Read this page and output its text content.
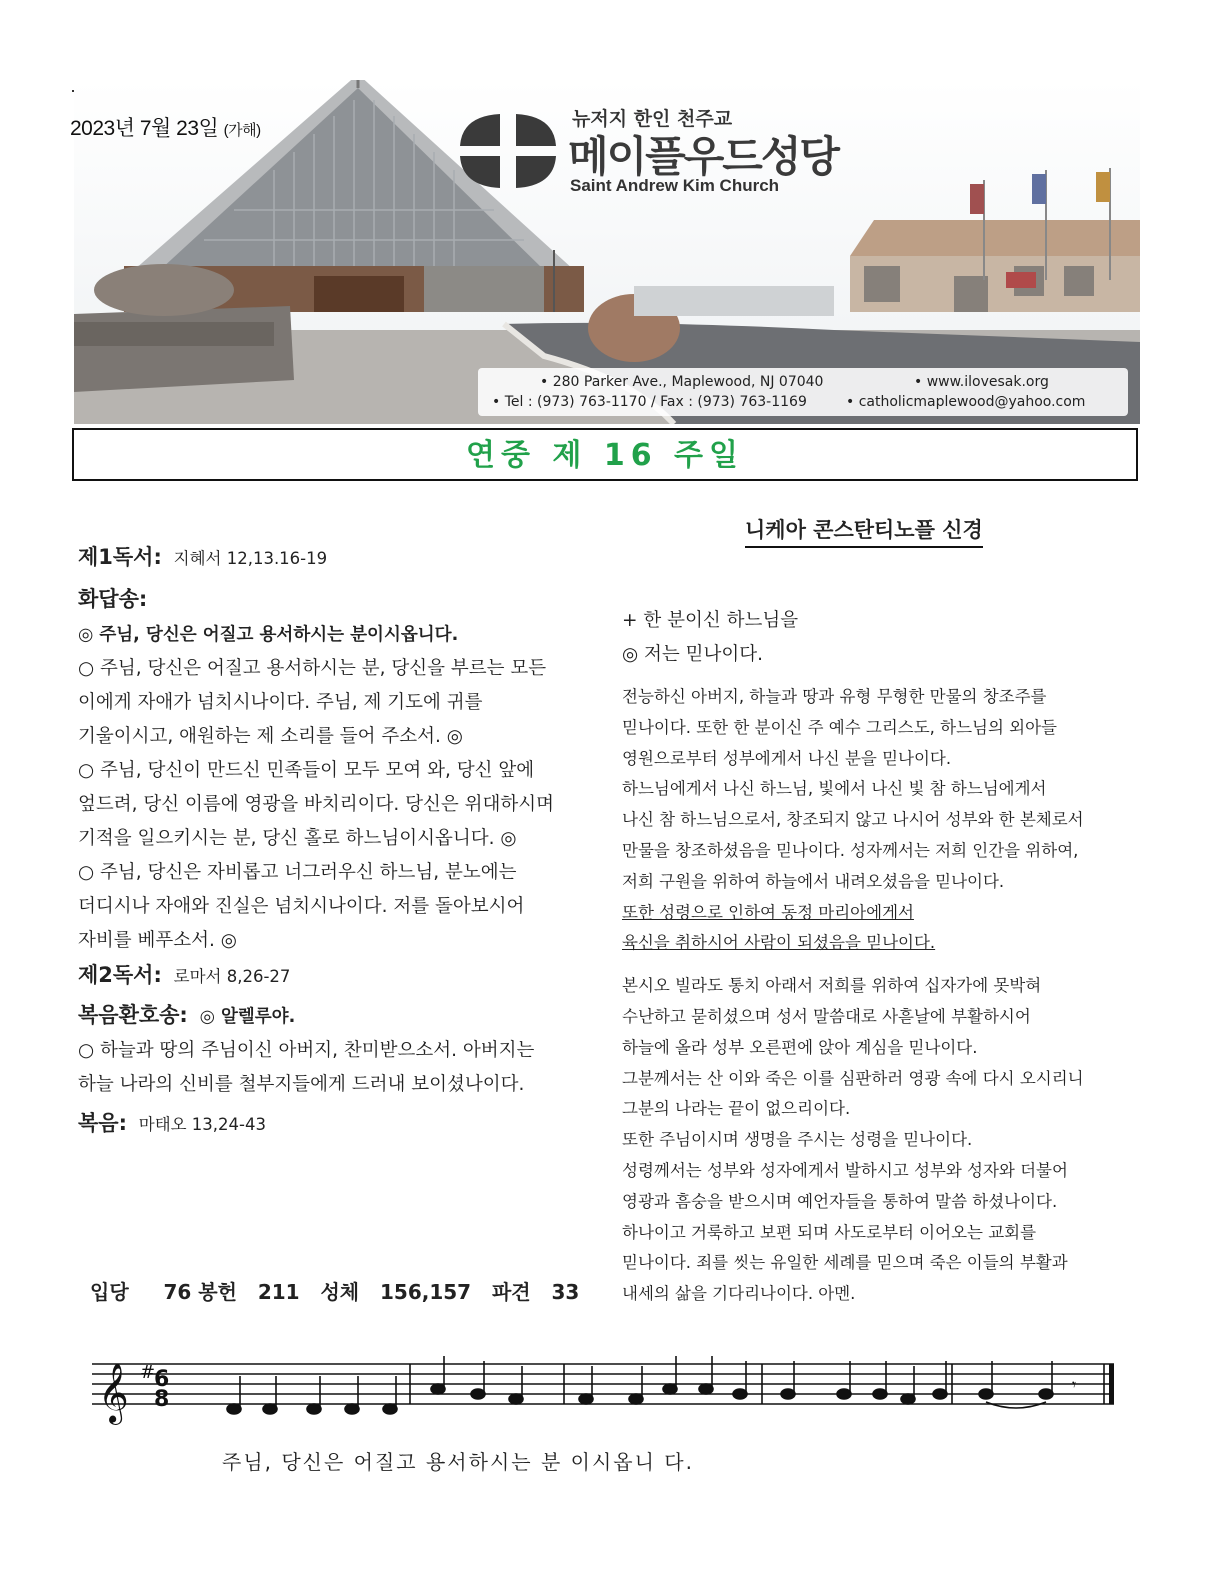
2023년 7월 23일 (가해)
뉴저지 한인 천주교
메이플우드성당
Saint Andrew Kim Church
• 280 Parker Ave., Maplewood, NJ 07040	• www.ilovesak.org
• Tel : (973) 763-1170 / Fax : (973) 763-1169	• catholicmaplewood@yahoo.com
연중 제 16 주일
제1독서: 지혜서 12,13.16-19
화답송:
◎ 주님, 당신은 어질고 용서하시는 분이시옵니다.
○ 주님, 당신은 어질고 용서하시는 분, 당신을 부르는 모든
이에게 자애가 넘치시나이다. 주님, 제 기도에 귀를
기울이시고, 애원하는 제 소리를 들어 주소서. ◎
○ 주님, 당신이 만드신 민족들이 모두 모여 와, 당신 앞에
엎드려, 당신 이름에 영광을 바치리이다. 당신은 위대하시며
기적을 일으키시는 분, 당신 홀로 하느님이시옵니다. ◎
○ 주님, 당신은 자비롭고 너그러우신 하느님, 분노에는
더디시나 자애와 진실은 넘치시나이다. 저를 돌아보시어
자비를 베푸소서. ◎
제2독서: 로마서 8,26-27
복음환호송: ◎ 알렐루야.
○ 하늘과 땅의 주님이신 아버지, 찬미받으소서. 아버지는
하늘 나라의 신비를 철부지들에게 드러내 보이셨나이다.
복음: 마태오 13,24-43
입당 76 봉헌 211 성체 156,157 파견 33
니케아 콘스탄티노플 신경
+ 한 분이신 하느님을
◎ 저는 믿나이다.
전능하신 아버지, 하늘과 땅과 유형 무형한 만물의 창조주를
믿나이다. 또한 한 분이신 주 예수 그리스도, 하느님의 외아들
영원으로부터 성부에게서 나신 분을 믿나이다.
하느님에게서 나신 하느님, 빛에서 나신 빛 참 하느님에게서
나신 참 하느님으로서, 창조되지 않고 나시어 성부와 한 본체로서
만물을 창조하셨음을 믿나이다. 성자께서는 저희 인간을 위하여,
저희 구원을 위하여 하늘에서 내려오셨음을 믿나이다.
또한 성령으로 인하여 동정 마리아에게서
육신을 취하시어 사람이 되셨음을 믿나이다.
본시오 빌라도 통치 아래서 저희를 위하여 십자가에 못박혀
수난하고 묻히셨으며 성서 말씀대로 사흗날에 부활하시어
하늘에 올라 성부 오른편에 앉아 계심을 믿나이다.
그분께서는 산 이와 죽은 이를 심판하러 영광 속에 다시 오시리니
그분의 나라는 끝이 없으리이다.
또한 주님이시며 생명을 주시는 성령을 믿나이다.
성령께서는 성부와 성자에게서 발하시고 성부와 성자와 더불어
영광과 흠숭을 받으시며 예언자들을 통하여 말씀 하셨나이다.
하나이고 거룩하고 보편 되며 사도로부터 이어오는 교회를
믿나이다. 죄를 씻는 유일한 세례를 믿으며 죽은 이들의 부활과
내세의 삶을 기다리나이다. 아멘.
𝄞 #
6
8
𝄾
주님, 당신은 어질고 용서하시는 분 이시옵니 다.
